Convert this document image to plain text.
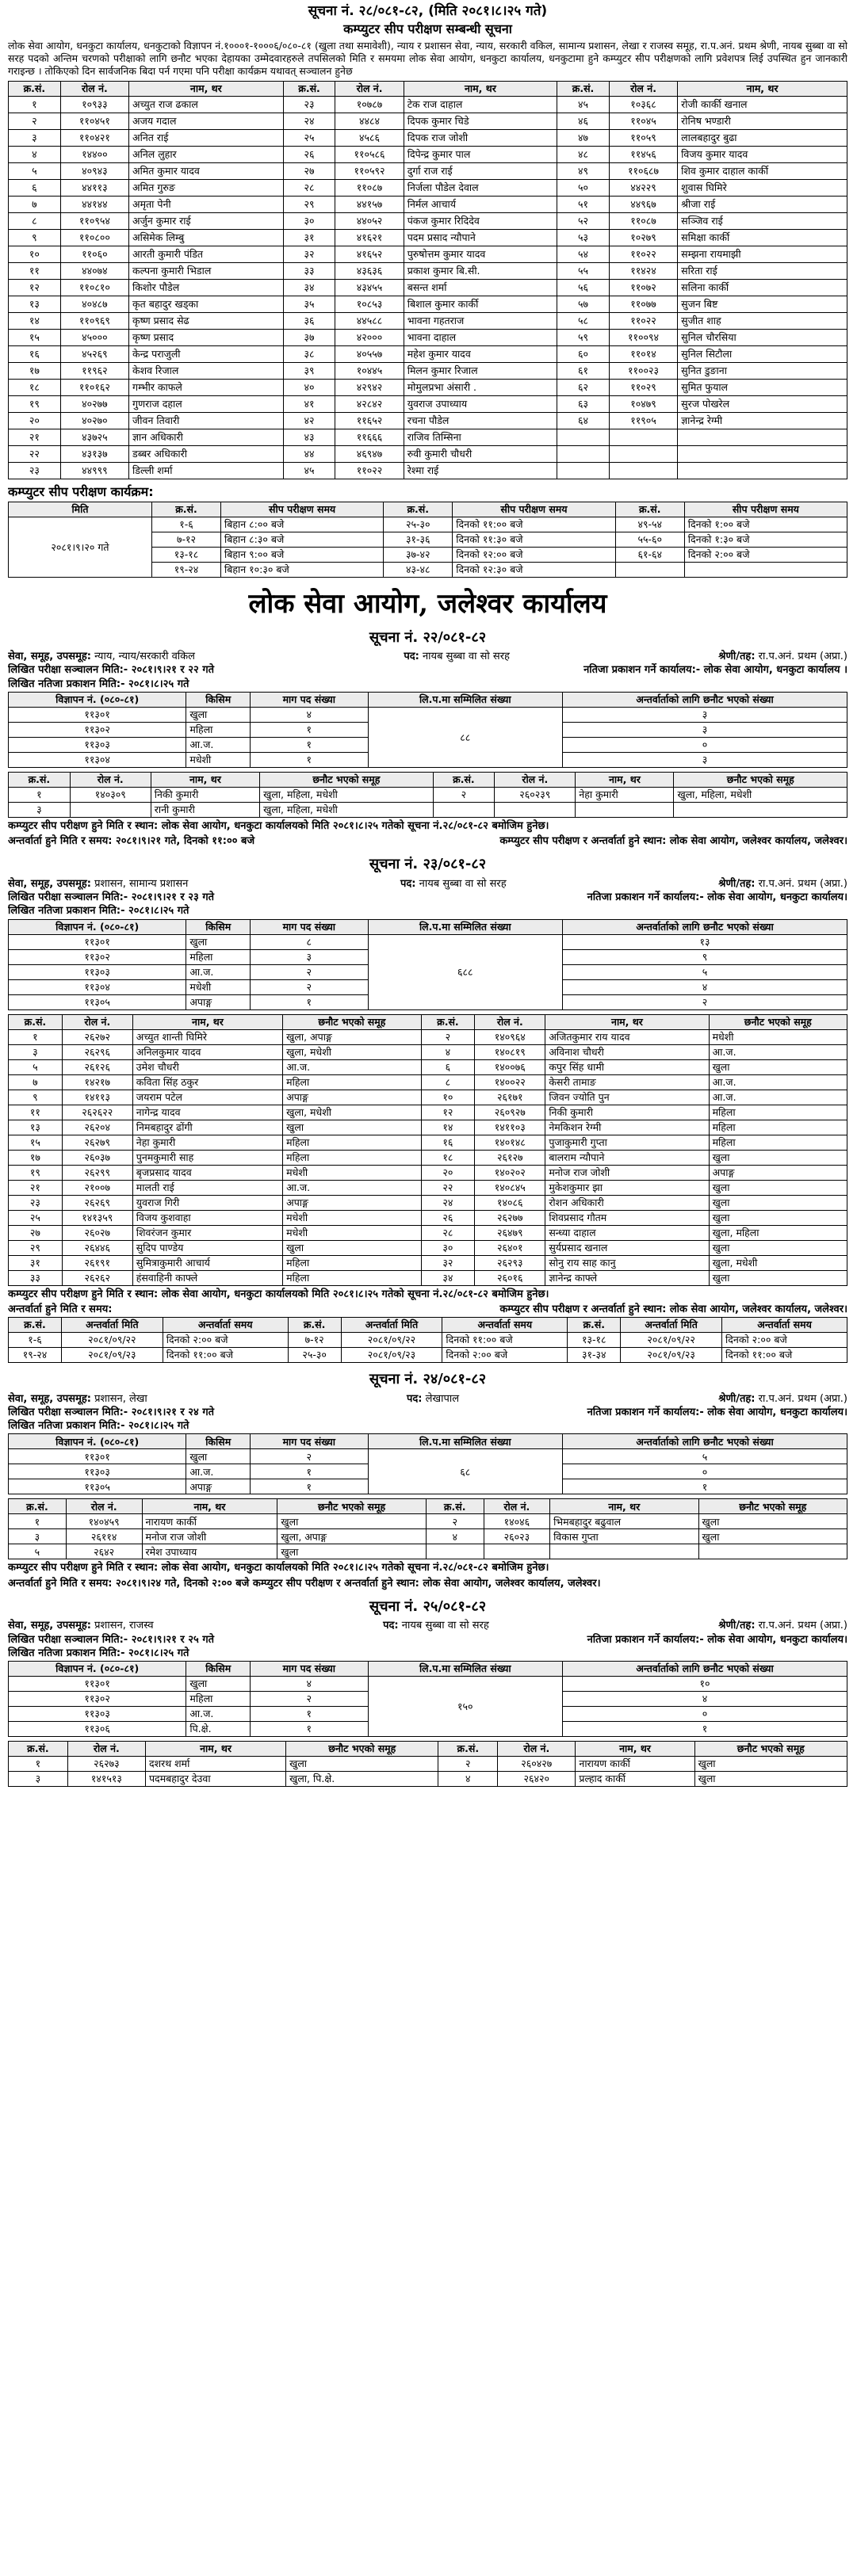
सूचना नं. २८/०८१-८२, (मिति २०८१।८।२५ गते)
कम्प्युटर सीप परीक्षण सम्बन्धी सूचना
लोक सेवा आयोग, धनकुटा कार्यालय, धनकुटाको विज्ञापन नं.१०००१-१०००६/०८०-८१ (खुला तथा समावेशी), न्याय र प्रशासन सेवा, न्याय, सरकारी वकिल, सामान्य प्रशासन, लेखा र राजस्व समूह, रा.प.अनं. प्रथम श्रेणी, नायब सुब्बा वा सो सरह पदको अन्तिम चरणको परीक्षाको लागि छनौट भएका देहायका उम्मेदवारहरुले तपसिलको मिति र समयमा लोक सेवा आयोग, धनकुटा कार्यालय, धनकुटामा हुने कम्प्युटर सीप परीक्षणको लागि प्रवेशपत्र लिई उपस्थित हुन जानकारी गराइन्छ । तोकिएको दिन सार्वजनिक बिदा पर्न गएमा पनि परीक्षा कार्यक्रम यथावत् सञ्चालन हुनेछ
क्र.सं.	रोल नं.	नाम, थर	क्र.सं.	रोल नं.	नाम, थर	क्र.सं.	रोल नं.	नाम, थर
१	१०९३३	अच्युत राज ढकाल	२३	१०७८७	टेक राज दाहाल	४५	१०३६८	रोजी कार्की खनाल
२	११०४५१	अजय गदाल	२४	४४८४	दिपक कुमार चिडे	४६	११०४५	रोनिष भण्डारी
३	११०४२१	अनित राई	२५	४५८६	दिपक राज जोशी	४७	११०५९	लालबहादुर बुढा
४	१४४००	अनिल लुहार	२६	११०५८६	दिपेन्द्र कुमार पाल	४८	११४५६	विजय कुमार यादव
५	४०९४३	अमित कुमार यादव	२७	११०५९२	दुर्गा राज राई	४९	११०६८७	शिव कुमार दाहाल कार्की
६	४४११३	अमित गुरुङ	२८	११०८७	निर्जला पौडेल देवाल	५०	४४२२९	शुवास घिमिरे
७	४४१४४	अमृता पेनी	२९	४४१५७	निर्मल आचार्य	५१	४४९६७	श्रीजा राई
८	११०९५४	अर्जुन कुमार राई	३०	४४०५२	पंकज कुमार रिदिदेव	५२	११०८७	सञ्जिव राई
९	११०८००	असिमेक लिम्बु	३१	४१६२१	पदम प्रसाद न्यौपाने	५३	१०२७९	समिक्षा कार्की
१०	११०६०	आरती कुमारी पंडित	३२	४१६५२	पुरुषोत्तम कुमार यादव	५४	११०२२	सम्झना रायमाझी
११	४४०७४	कल्पना कुमारी भिडाल	३३	४३६३६	प्रकाश कुमार बि.सी.	५५	११४२४	सरिता राई
१२	११०८१०	किशोर पौडेल	३४	४३४५५	बसन्त शर्मा	५६	११०७२	सलिना कार्की
१३	४०४८७	कृत बहादुर खड्का	३५	१०८५३	बिशाल कुमार कार्की	५७	११०७७	सुजन बिष्ट
१४	११०९६९	कृष्ण प्रसाद सेढ	३६	४४५८८	भावना गहतराज	५८	११०२२	सुजीत शाह
१५	४५०००	कृष्ण प्रसाद	३७	४२०००	भावना दाहाल	५९	११००९४	सुनिल चौरसिया
१६	४५२६९	केन्द्र पराजुली	३८	४०५५७	महेश कुमार यादव	६०	११०१४	सुनिल सिटौला
१७	११९६२	केशव रिजाल	३९	१०४४५	मिलन कुमार रिजाल	६१	११००२३	सुनित डुङाना
१८	११०१६२	गम्भीर काफले	४०	४२९४२	मोमुलप्रभा अंसारी .	६२	११०२९	सुमित फुयाल
१९	४०२७७	गुणराज दहाल	४१	४२८४२	युवराज उपाध्याय	६३	१०४७९	सुरज पोखरेल
२०	४०२७०	जीवन तिवारी	४२	११६५२	रचना पौडेल	६४	११९०५	ज्ञानेन्द्र रेग्मी
२१	४३७२५	ज्ञान अधिकारी	४३	११६६६	राजिव तिम्सिना			
२२	४३१३७	डब्बर अधिकारी	४४	४६९४७	रुवी कुमारी चौधरी			
२३	४४९९९	डिल्ली शर्मा	४५	११०२२	रेश्मा राई			
कम्प्युटर सीप परीक्षण कार्यक्रम:
मिति	क्र.सं.	सीप परीक्षण समय	क्र.सं.	सीप परीक्षण समय	क्र.सं.	सीप परीक्षण समय
२०८१।९।२० गते	१-६	बिहान ८:०० बजे	२५-३०	दिनको ११:०० बजे	४९-५४	दिनको १:०० बजे
	७-१२	बिहान ८:३० बजे	३१-३६	दिनको ११:३० बजे	५५-६०	दिनको १:३० बजे
	१३-१८	बिहान ९:०० बजे	३७-४२	दिनको १२:०० बजे	६१-६४	दिनको २:०० बजे
	१९-२४	बिहान १०:३० बजे	४३-४८	दिनको १२:३० बजे		
लोक सेवा आयोग, जलेश्वर कार्यालय
सूचना नं. २२/०८१-८२
सेवा, समूह, उपसमूह: न्याय, न्याय/सरकारी वकिल	पद: नायब सुब्बा वा सो सरह	श्रेणी/तह: रा.प.अनं. प्रथम (अप्रा.)
लिखित परीक्षा सञ्चालन मिति:- २०८१।९।२१ र २२ गते	नतिजा प्रकाशन गर्ने कार्यालय:- लोक सेवा आयोग, धनकुटा कार्यालय ।
लिखित नतिजा प्रकाशन मिति:- २०८१।८।२५ गते
विज्ञापन नं. (०८०-८१)	किसिम	माग पद संख्या	लि.प.मा सम्मिलित संख्या	अन्तर्वार्ताको लागि छनौट भएको संख्या
११३०१	खुला	४	८८	३
११३०२	महिला	१		३
११३०३	आ.ज.	१		०
११३०४	मधेशी	१		३
क्र.सं.	रोल नं.	नाम, थर	छनौट भएको समूह	क्र.सं.	रोल नं.	नाम, थर	छनौट भएको समूह
१	१४०३०९	निकी कुमारी	खुला, महिला, मधेशी	२	२६०२३९	नेहा कुमारी	खुला, महिला, मधेशी
३		रानी कुमारी	खुला, महिला, मधेशी				
कम्प्युटर सीप परीक्षण हुने मिति र स्थान: लोक सेवा आयोग, धनकुटा कार्यालयको मिति २०८१।८।२५ गतेको सूचना नं.२८/०८१-८२ बमोजिम हुनेछ।
अन्तर्वार्ता हुने मिति र समय: २०८१।९।२१ गते, दिनको ११:०० बजे	कम्प्युटर सीप परीक्षण र अन्तर्वार्ता हुने स्थान: लोक सेवा आयोग, जलेश्वर कार्यालय, जलेश्वर।
सूचना नं. २३/०८१-८२
सेवा, समूह, उपसमूह: प्रशासन, सामान्य प्रशासन	पद: नायब सुब्बा वा सो सरह	श्रेणी/तह: रा.प.अनं. प्रथम (अप्रा.)
लिखित परीक्षा सञ्चालन मिति:- २०८१।९।२१ र २३ गते	नतिजा प्रकाशन गर्ने कार्यालय:- लोक सेवा आयोग, धनकुटा कार्यालय।
लिखित नतिजा प्रकाशन मिति:- २०८१।८।२५ गते
विज्ञापन नं. (०८०-८१)	किसिम	माग पद संख्या	लि.प.मा सम्मिलित संख्या	अन्तर्वार्ताको लागि छनौट भएको संख्या
११३०१	खुला	८	६८८	१३
११३०२	महिला	३		९
११३०३	आ.ज.	२		५
११३०४	मधेशी	२		४
११३०५	अपाङ्ग	१		२
क्र.सं.	रोल नं.	नाम, थर	छनौट भएको समूह	क्र.सं.	रोल नं.	नाम, थर	छनौट भएको समूह
१	२६२७२	अच्युत शान्ती घिमिरे	खुला, अपाङ्ग	२	१४०९६४	अजितकुमार राय यादव	मधेशी
३	२६२९६	अनिलकुमार यादव	खुला, मधेशी	४	१४०८१९	अविनाश चौधरी	आ.ज.
५	२६१२६	उमेश चौधरी	आ.ज.	६	१४००७६	कपुर सिंह धामी	खुला
७	१४२१७	कविता सिंह ठकुर	महिला	८	१४००२२	केसरी तामाङ	आ.ज.
९	१४११३	जयराम पटेल	अपाङ्ग	१०	२६१७१	जिवन ज्योति पुन	आ.ज.
११	२६२६२२	नागेन्द्र यादव	खुला, मधेशी	१२	२६०९२७	निकी कुमारी	महिला
१३	२६२०४	निमबहादुर ढोंगी	खुला	१४	१४११०३	नेमकिशन रेग्मी	महिला
१५	२६२७९	नेहा कुमारी	महिला	१६	१४०१४८	पुजाकुमारी गुप्ता	महिला
१७	२६०३७	पुनमकुमारी साह	महिला	१८	२६१२७	बालराम न्यौपाने	खुला
१९	२६२९९	बृजप्रसाद यादव	मधेशी	२०	१४०२०२	मनोज राज जोशी	अपाङ्ग
२१	२१००७	मालती राई	आ.ज.	२२	१४०८४५	मुकेशकुमार झा	खुला
२३	२६२६९	युवराज गिरी	अपाङ्ग	२४	१४०८६	रोशन अधिकारी	खुला
२५	१४१३५९	विजय कुशवाहा	मधेशी	२६	२६२७७	शिवप्रसाद गौतम	खुला
२७	२६०२७	शिवरंजन कुमार	मधेशी	२८	२६४७९	सन्ध्या दाहाल	खुला, महिला
२९	२६४४६	सुदिप पाण्डेय	खुला	३०	२६४०१	सुर्यप्रसाद खनाल	खुला
३१	२६१९१	सुमित्राकुमारी आचार्य	महिला	३२	२६२९३	सोनु राय साह कानु	खुला, मधेशी
३३	२६२६२	हंसवाहिनी काफ्ले	महिला	३४	२६०१६	ज्ञानेन्द्र काफ्ले	खुला
कम्प्युटर सीप परीक्षण हुने मिति र स्थान: लोक सेवा आयोग, धनकुटा कार्यालयको मिति २०८१।८।२५ गतेको सूचना नं.२८/०८१-८२ बमोजिम हुनेछ।
अन्तर्वार्ता हुने मिति र समय:	कम्प्युटर सीप परीक्षण र अन्तर्वार्ता हुने स्थान: लोक सेवा आयोग, जलेश्वर कार्यालय, जलेश्वर।
क्र.सं.	अन्तर्वार्ता मिति	अन्तर्वार्ता समय	क्र.सं.	अन्तर्वार्ता मिति	अन्तर्वार्ता समय	क्र.सं.	अन्तर्वार्ता मिति	अन्तर्वार्ता समय
१-६	२०८१/०९/२२	दिनको २:०० बजे	७-१२	२०८१/०९/२२	दिनको ११:०० बजे	१३-१८	२०८१/०९/२२	दिनको २:०० बजे
१९-२४	२०८१/०९/२३	दिनको ११:०० बजे	२५-३०	२०८१/०९/२३	दिनको २:०० बजे	३१-३४	२०८१/०९/२३	दिनको ११:०० बजे
सूचना नं. २४/०८१-८२
सेवा, समूह, उपसमूह: प्रशासन, लेखा	पद: लेखापाल	श्रेणी/तह: रा.प.अनं. प्रथम (अप्रा.)
लिखित परीक्षा सञ्चालन मिति:- २०८१।९।२१ र २४ गते	नतिजा प्रकाशन गर्ने कार्यालय:- लोक सेवा आयोग, धनकुटा कार्यालय।
लिखित नतिजा प्रकाशन मिति:- २०८१।८।२५ गते
विज्ञापन नं. (०८०-८१)	किसिम	माग पद संख्या	लि.प.मा सम्मिलित संख्या	अन्तर्वार्ताको लागि छनौट भएको संख्या
११३०१	खुला	२	६८	५
११३०३	आ.ज.	१		०
११३०५	अपाङ्ग	१		१
क्र.सं.	रोल नं.	नाम, थर	छनौट भएको समूह	क्र.सं.	रोल नं.	नाम, थर	छनौट भएको समूह
१	१४०४५९	नारायण कार्की	खुला	२	१४०४६	भिमबहादुर बढुवाल	खुला
३	२६११४	मनोज राज जोशी	खुला, अपाङ्ग	४	२६०२३	विकास गुप्ता	खुला
५	२६४२	रमेश उपाध्याय	खुला				
कम्प्युटर सीप परीक्षण हुने मिति र स्थान: लोक सेवा आयोग, धनकुटा कार्यालयको मिति २०८१।८।२५ गतेको सूचना नं.२८/०८१-८२ बमोजिम हुनेछ।
अन्तर्वार्ता हुने मिति र समय: २०८१।९।२४ गते, दिनको २:०० बजे कम्प्युटर सीप परीक्षण र अन्तर्वार्ता हुने स्थान: लोक सेवा आयोग, जलेश्वर कार्यालय, जलेश्वर।
सूचना नं. २५/०८१-८२
सेवा, समूह, उपसमूह: प्रशासन, राजस्व	पद: नायब सुब्बा वा सो सरह	श्रेणी/तह: रा.प.अनं. प्रथम (अप्रा.)
लिखित परीक्षा सञ्चालन मिति:- २०८१।९।२१ र २५ गते	नतिजा प्रकाशन गर्ने कार्यालय:- लोक सेवा आयोग, धनकुटा कार्यालय।
लिखित नतिजा प्रकाशन मिति:- २०८१।८।२५ गते
विज्ञापन नं. (०८०-८१)	किसिम	माग पद संख्या	लि.प.मा सम्मिलित संख्या	अन्तर्वार्ताको लागि छनौट भएको संख्या
११३०१	खुला	४	१५०	१०
११३०२	महिला	२		४
११३०३	आ.ज.	१		०
११३०६	पि.क्षे.	१		१
क्र.सं.	रोल नं.	नाम, थर	छनौट भएको समूह	क्र.सं.	रोल नं.	नाम, थर	छनौट भएको समूह
१	२६२७३	दशरथ शर्मा	खुला	२	२६०४२७	नारायण कार्की	खुला
३	१४१५१३	पदमबहादुर देउवा	खुला, पि.क्षे.	४	२६४२०	प्रल्हाद कार्की	खुला
